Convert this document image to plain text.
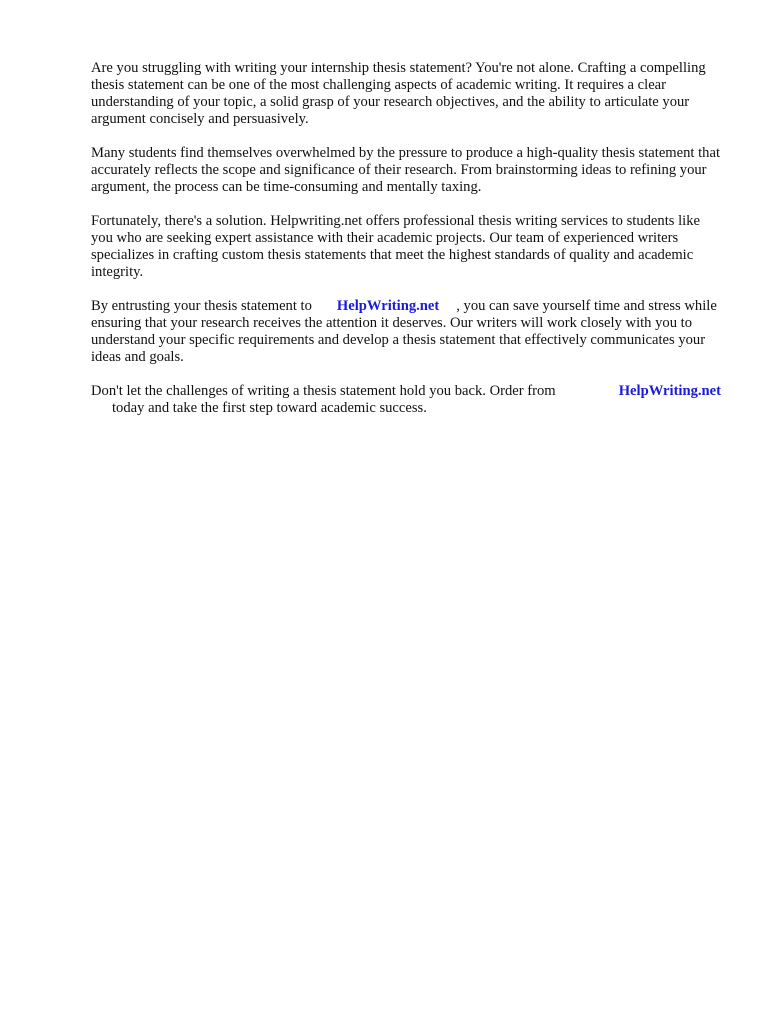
Are you struggling with writing your internship thesis statement? You're not alone. Crafting a compelling thesis statement can be one of the most challenging aspects of academic writing. It requires a clear understanding of your topic, a solid grasp of your research objectives, and the ability to articulate your argument concisely and persuasively.

Many students find themselves overwhelmed by the pressure to produce a high-quality thesis statement that accurately reflects the scope and significance of their research. From brainstorming ideas to refining your argument, the process can be time-consuming and mentally taxing.

Fortunately, there's a solution. Helpwriting.net offers professional thesis writing services to students like you who are seeking expert assistance with their academic projects. Our team of experienced writers specializes in crafting custom thesis statements that meet the highest standards of quality and academic integrity.

By entrusting your thesis statement to HelpWriting.net , you can save yourself time and stress while ensuring that your research receives the attention it deserves. Our writers will work closely with you to understand your specific requirements and develop a thesis statement that effectively communicates your ideas and goals.

Don't let the challenges of writing a thesis statement hold you back. Order from	HelpWriting.net
today and take the first step toward academic success.
